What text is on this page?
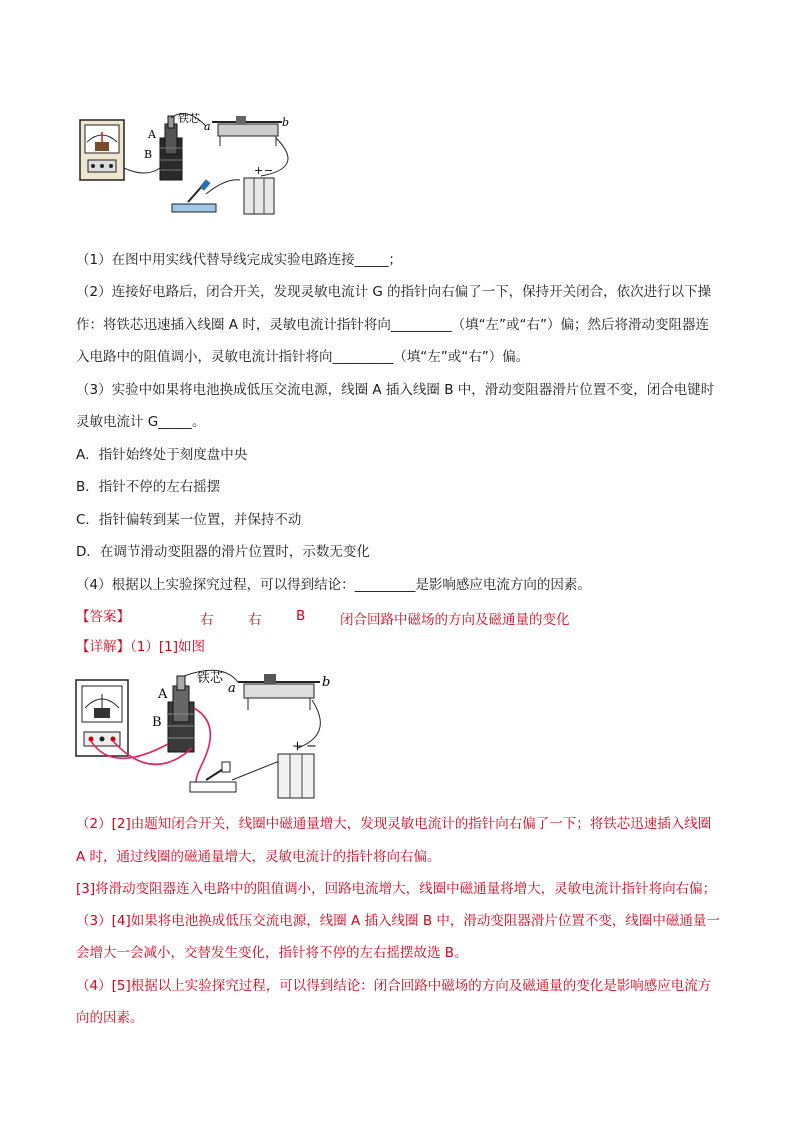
铁芯
A
B
a	b
+ −
（1）在图中用实线代替导线完成实验电路连接_____；
（2）连接好电路后，闭合开关，发现灵敏电流计 G 的指针向右偏了一下，保持开关闭合，依次进行以下操
作：将铁芯迅速插入线圈 A 时，灵敏电流计指针将向_________（填“左”或“右”）偏；然后将滑动变阻器连
入电路中的阻值调小，灵敏电流计指针将向_________（填“左”或“右”）偏。
（3）实验中如果将电池换成低压交流电源，线圈 A 插入线圈 B 中，滑动变阻器滑片位置不变，闭合电键时
灵敏电流计 G_____。
A．指针始终处于刻度盘中央
B．指针不停的左右摇摆
C．指针偏转到某一位置，并保持不动
D．在调节滑动变阻器的滑片位置时，示数无变化
（4）根据以上实验探究过程，可以得到结论：_________是影响感应电流方向的因素。
【答案】	右	右	B	闭合回路中磁场的方向及磁通量的变化
【详解】（1）[1]如图
铁芯
A
B
a	b
+ −
（2）[2]由题知闭合开关，线圈中磁通量增大，发现灵敏电流计的指针向右偏了一下；将铁芯迅速插入线圈
A 时，通过线圈的磁通量增大，灵敏电流计的指针将向右偏。
[3]将滑动变阻器连入电路中的阻值调小，回路电流增大，线圈中磁通量将增大，灵敏电流计指针将向右偏；
（3）[4]如果将电池换成低压交流电源，线圈 A 插入线圈 B 中，滑动变阻器滑片位置不变，线圈中磁通量一
会增大一会减小，交替发生变化，指针将不停的左右摇摆故选 B。
（4）[5]根据以上实验探究过程，可以得到结论：闭合回路中磁场的方向及磁通量的变化是影响感应电流方
向的因素。
